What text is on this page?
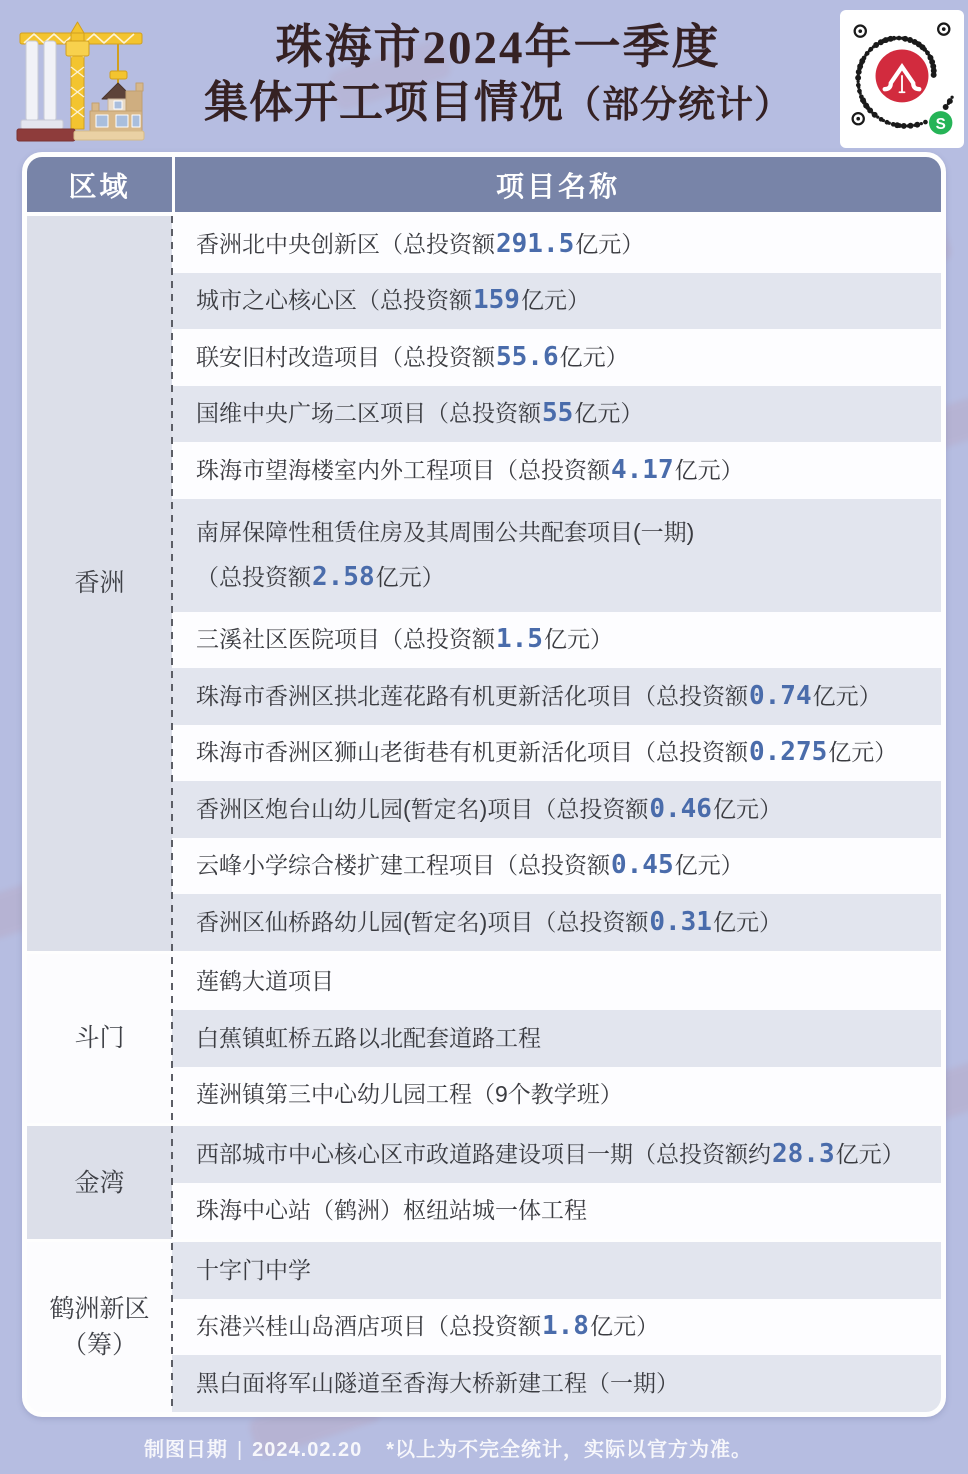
珠海市2024年一季度
集体开工项目情况（部分统计）	S
区域	项目名称
香洲
香洲北中央创新区（总投资额291.5亿元）
城市之心核心区（总投资额159亿元）
联安旧村改造项目（总投资额55.6亿元）
国维中央广场二区项目（总投资额55亿元）
珠海市望海楼室内外工程项目（总投资额4.17亿元）
南屏保障性租赁住房及其周围公共配套项目(一期)
（总投资额2.58亿元）
三溪社区医院项目（总投资额1.5亿元）
珠海市香洲区拱北莲花路有机更新活化项目（总投资额0.74亿元）
珠海市香洲区狮山老街巷有机更新活化项目（总投资额0.275亿元）
香洲区炮台山幼儿园(暂定名)项目（总投资额0.46亿元）
云峰小学综合楼扩建工程项目（总投资额0.45亿元）
香洲区仙桥路幼儿园(暂定名)项目（总投资额0.31亿元）
斗门
莲鹤大道项目
白蕉镇虹桥五路以北配套道路工程
莲洲镇第三中心幼儿园工程（9个教学班）
金湾
西部城市中心核心区市政道路建设项目一期（总投资额约28.3亿元）
珠海中心站（鹤洲）枢纽站城一体工程
鹤洲新区
（筹）
十字门中学
东港兴桂山岛酒店项目（总投资额1.8亿元）
黑白面将军山隧道至香海大桥新建工程（一期）
制图日期 | 2024.02.20 *以上为不完全统计，实际以官方为准。
